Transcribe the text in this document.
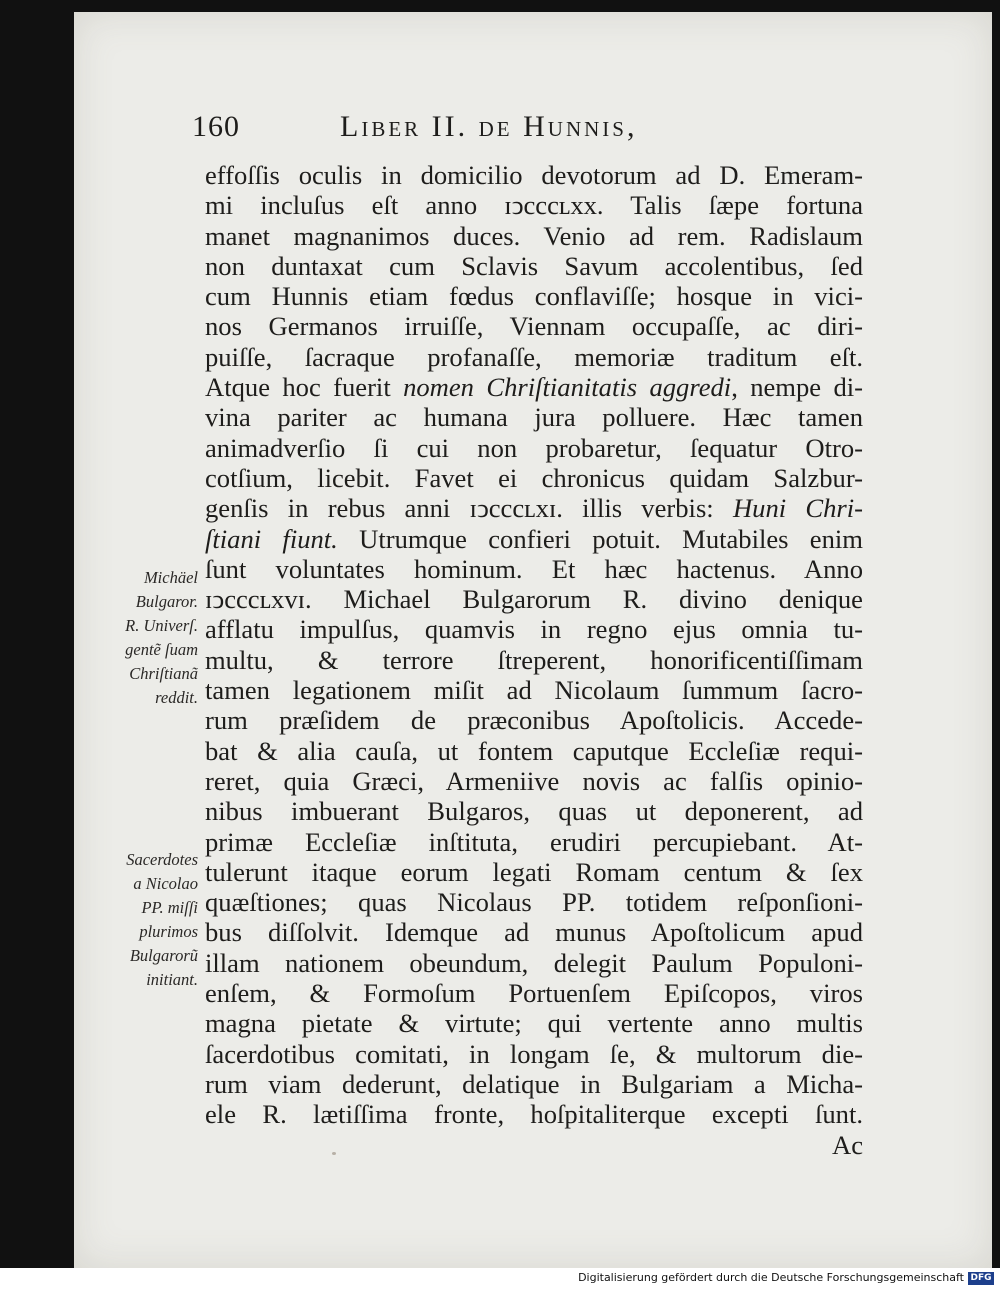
160	Liber II. de Hunnis,
effoſſis oculis in domicilio devotorum ad D. Emeram-
mi incluſus eſt anno ɪↄcccʟxx. Talis ſæpe fortuna
manet magnanimos duces. Venio ad rem. Radislaum
non duntaxat cum Sclavis Savum accolentibus, ſed
cum Hunnis etiam fœdus conflaviſſe; hosque in vici-
nos Germanos irruiſſe, Viennam occupaſſe, ac diri-
puiſſe, ſacraque profanaſſe, memoriæ traditum eſt.
Atque hoc fuerit nomen Chriſtianitatis aggredi, nempe di-
vina pariter ac humana jura polluere. Hæc tamen
animadverſio ſi cui non probaretur, ſequatur Otro-
cotſium, licebit. Favet ei chronicus quidam Salzbur-
genſis in rebus anni ɪↄcccʟxɪ. illis verbis: Huni Chri-
ſtiani fiunt. Utrumque confieri potuit. Mutabiles enim
ſunt voluntates hominum. Et hæc hactenus. Anno
ɪↄcccʟxvɪ. Michael Bulgarorum R. divino denique
afflatu impulſus, quamvis in regno ejus omnia tu-
multu, & terrore ſtreperent, honorificentiſſimam
tamen legationem miſit ad Nicolaum ſummum ſacro-
rum præſidem de præconibus Apoſtolicis. Accede-
bat & alia cauſa, ut fontem caputque Eccleſiæ requi-
reret, quia Græci, Armeniive novis ac falſis opinio-
nibus imbuerant Bulgaros, quas ut deponerent, ad
primæ Eccleſiæ inſtituta, erudiri percupiebant. At-
tulerunt itaque eorum legati Romam centum & ſex
quæſtiones; quas Nicolaus PP. totidem reſponſioni-
bus diſſolvit. Idemque ad munus Apoſtolicum apud
illam nationem obeundum, delegit Paulum Populoni-
enſem, & Formoſum Portuenſem Epiſcopos, viros
magna pietate & virtute; qui vertente anno multis
ſacerdotibus comitati, in longam ſe, & multorum die-
rum viam dederunt, delatique in Bulgariam a Micha-
ele R. lætiſſima fronte, hoſpitaliterque excepti ſunt.
Ac
Michäel
Bulgaror.
R. Univerſ.
gentẽ ſuam
Chriſtianã
reddit.
Sacerdotes
a Nicolao
PP. miſſi
plurimos
Bulgarorũ
initiant.
Digitalisierung gefördert durch die Deutsche Forschungsgemeinschaft DFG
